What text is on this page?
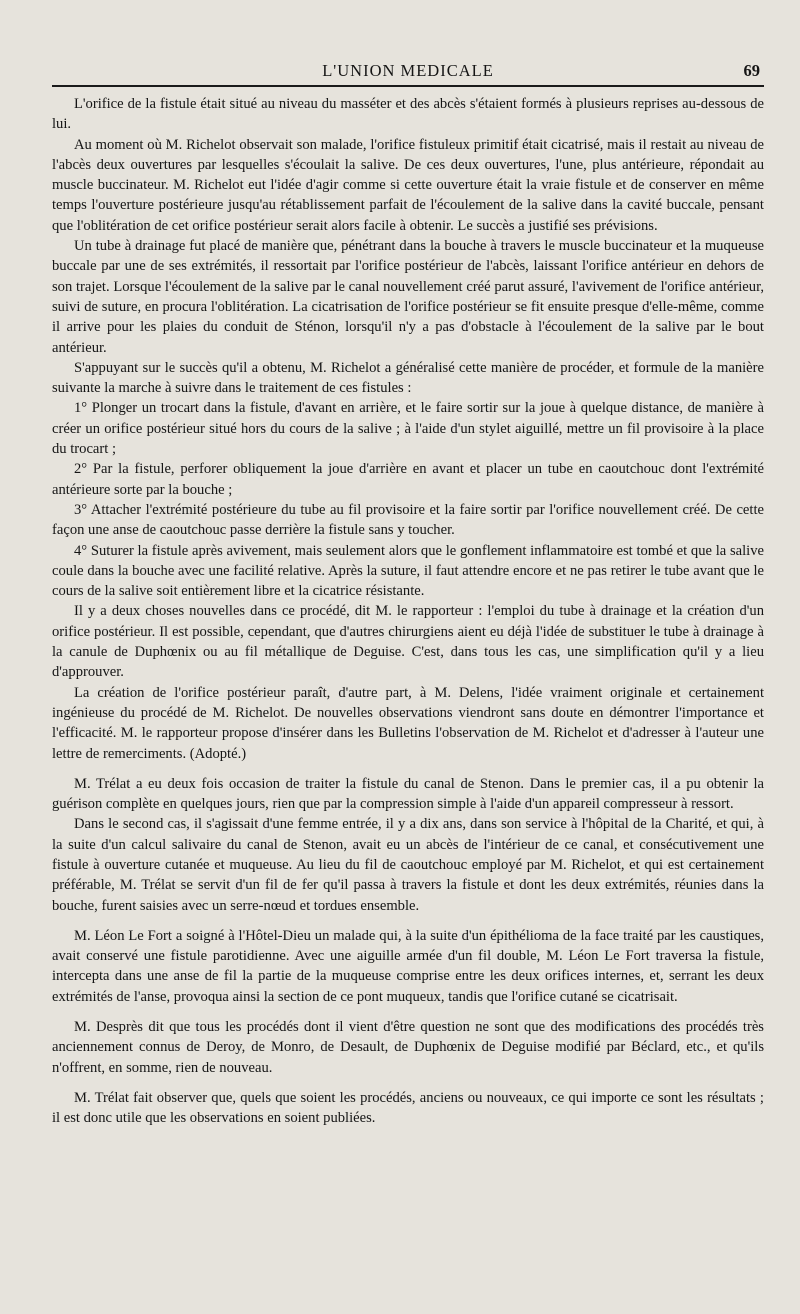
L'UNION MEDICALE	69

L'orifice de la fistule était situé au niveau du masséter et des abcès s'étaient formés à plusieurs reprises au-dessous de lui.

Au moment où M. Richelot observait son malade, l'orifice fistuleux primitif était cicatrisé, mais il restait au niveau de l'abcès deux ouvertures par lesquelles s'écoulait la salive. De ces deux ouvertures, l'une, plus antérieure, répondait au muscle buccinateur. M. Richelot eut l'idée d'agir comme si cette ouverture était la vraie fistule et de conserver en même temps l'ouverture postérieure jusqu'au rétablissement parfait de l'écoulement de la salive dans la cavité buccale, pensant que l'oblitération de cet orifice postérieur serait alors facile à obtenir. Le succès a justifié ses prévisions.

Un tube à drainage fut placé de manière que, pénétrant dans la bouche à travers le muscle buccinateur et la muqueuse buccale par une de ses extrémités, il ressortait par l'orifice postérieur de l'abcès, laissant l'orifice antérieur en dehors de son trajet. Lorsque l'écoulement de la salive par le canal nouvellement créé parut assuré, l'avivement de l'orifice antérieur, suivi de suture, en procura l'oblitération. La cicatrisation de l'orifice postérieur se fit ensuite presque d'elle-même, comme il arrive pour les plaies du conduit de Sténon, lorsqu'il n'y a pas d'obstacle à l'écoulement de la salive par le bout antérieur.

S'appuyant sur le succès qu'il a obtenu, M. Richelot a généralisé cette manière de procéder, et formule de la manière suivante la marche à suivre dans le traitement de ces fistules :

1° Plonger un trocart dans la fistule, d'avant en arrière, et le faire sortir sur la joue à quelque distance, de manière à créer un orifice postérieur situé hors du cours de la salive ; à l'aide d'un stylet aiguillé, mettre un fil provisoire à la place du trocart ;

2° Par la fistule, perforer obliquement la joue d'arrière en avant et placer un tube en caoutchouc dont l'extrémité antérieure sorte par la bouche ;

3° Attacher l'extrémité postérieure du tube au fil provisoire et la faire sortir par l'orifice nouvellement créé. De cette façon une anse de caoutchouc passe derrière la fistule sans y toucher.

4° Suturer la fistule après avivement, mais seulement alors que le gonflement inflammatoire est tombé et que la salive coule dans la bouche avec une facilité relative. Après la suture, il faut attendre encore et ne pas retirer le tube avant que le cours de la salive soit entièrement libre et la cicatrice résistante.

Il y a deux choses nouvelles dans ce procédé, dit M. le rapporteur : l'emploi du tube à drainage et la création d'un orifice postérieur. Il est possible, cependant, que d'autres chirurgiens aient eu déjà l'idée de substituer le tube à drainage à la canule de Duphœnix ou au fil métallique de Deguise. C'est, dans tous les cas, une simplification qu'il y a lieu d'approuver.

La création de l'orifice postérieur paraît, d'autre part, à M. Delens, l'idée vraiment originale et certainement ingénieuse du procédé de M. Richelot. De nouvelles observations viendront sans doute en démontrer l'importance et l'efficacité. M. le rapporteur propose d'insérer dans les Bulletins l'observation de M. Richelot et d'adresser à l'auteur une lettre de remerciments. (Adopté.)

M. Trélat a eu deux fois occasion de traiter la fistule du canal de Stenon. Dans le premier cas, il a pu obtenir la guérison complète en quelques jours, rien que par la compression simple à l'aide d'un appareil compresseur à ressort.

Dans le second cas, il s'agissait d'une femme entrée, il y a dix ans, dans son service à l'hôpital de la Charité, et qui, à la suite d'un calcul salivaire du canal de Stenon, avait eu un abcès de l'intérieur de ce canal, et consécutivement une fistule à ouverture cutanée et muqueuse. Au lieu du fil de caoutchouc employé par M. Richelot, et qui est certainement préférable, M. Trélat se servit d'un fil de fer qu'il passa à travers la fistule et dont les deux extrémités, réunies dans la bouche, furent saisies avec un serre-nœud et tordues ensemble.

M. Léon Le Fort a soigné à l'Hôtel-Dieu un malade qui, à la suite d'un épithélioma de la face traité par les caustiques, avait conservé une fistule parotidienne. Avec une aiguille armée d'un fil double, M. Léon Le Fort traversa la fistule, intercepta dans une anse de fil la partie de la muqueuse comprise entre les deux orifices internes, et, serrant les deux extrémités de l'anse, provoqua ainsi la section de ce pont muqueux, tandis que l'orifice cutané se cicatrisait.

M. Desprès dit que tous les procédés dont il vient d'être question ne sont que des modifications des procédés très anciennement connus de Deroy, de Monro, de Desault, de Duphœnix de Deguise modifié par Béclard, etc., et qu'ils n'offrent, en somme, rien de nouveau.

M. Trélat fait observer que, quels que soient les procédés, anciens ou nouveaux, ce qui importe ce sont les résultats ; il est donc utile que les observations en soient publiées.
